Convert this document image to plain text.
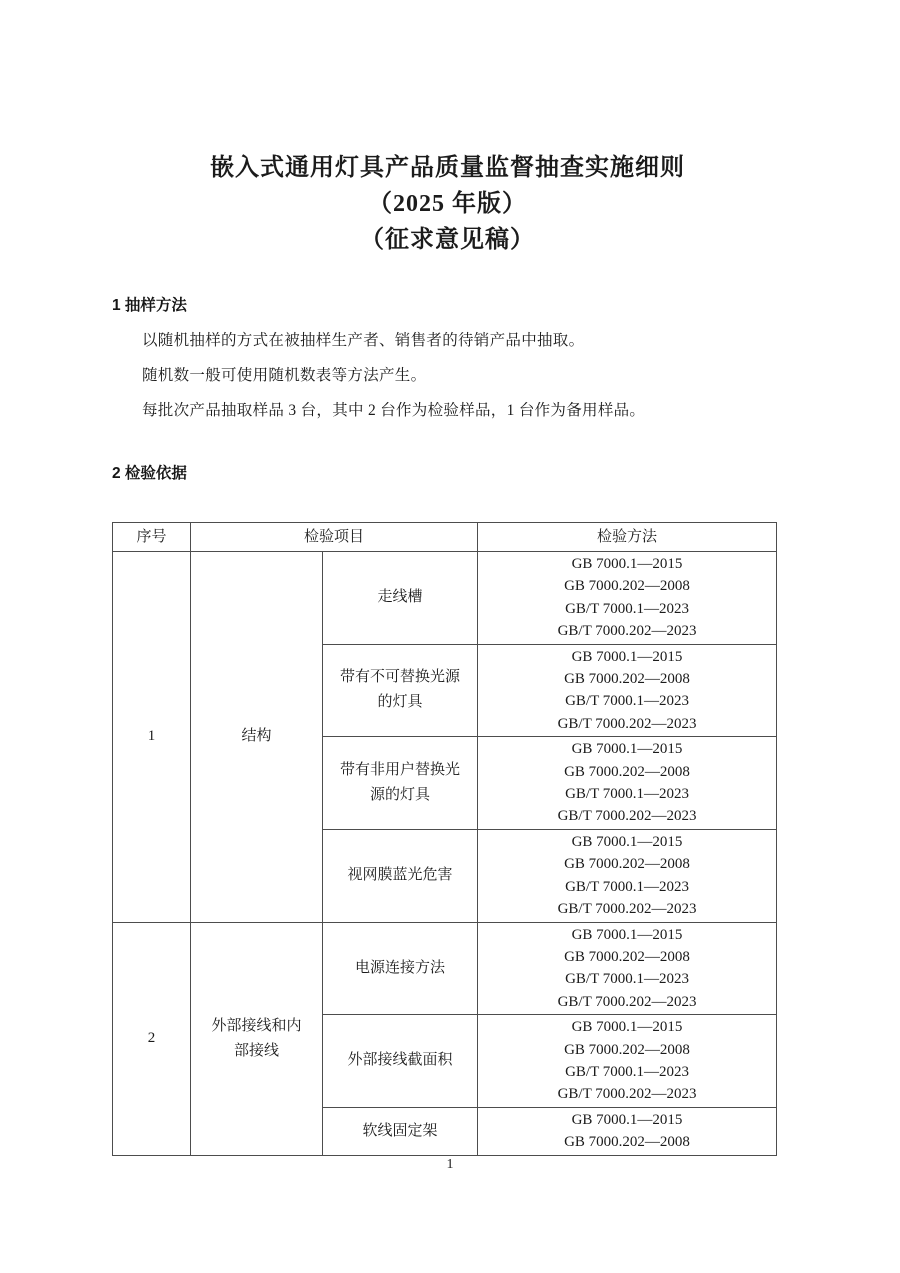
嵌入式通用灯具产品质量监督抽查实施细则
（2025 年版）
（征求意见稿）
1 抽样方法
以随机抽样的方式在被抽样生产者、销售者的待销产品中抽取。
随机数一般可使用随机数表等方法产生。
每批次产品抽取样品 3 台，其中 2 台作为检验样品，1 台作为备用样品。
2 检验依据
序号	检验项目		检验方法
1	结构	走线槽	GB 7000.1—2015
GB 7000.202—2008
GB/T 7000.1—2023
GB/T 7000.202—2023

		带有不可替换光源的灯具	GB 7000.1—2015
GB 7000.202—2008
GB/T 7000.1—2023
GB/T 7000.202—2023

		带有非用户替换光源的灯具	GB 7000.1—2015
GB 7000.202—2008
GB/T 7000.1—2023
GB/T 7000.202—2023

		视网膜蓝光危害	GB 7000.1—2015
GB 7000.202—2008
GB/T 7000.1—2023
GB/T 7000.202—2023

2	外部接线和内部接线	电源连接方法	GB 7000.1—2015
GB 7000.202—2008
GB/T 7000.1—2023
GB/T 7000.202—2023

		外部接线截面积	GB 7000.1—2015
GB 7000.202—2008
GB/T 7000.1—2023
GB/T 7000.202—2023

		软线固定架	GB 7000.1—2015
GB 7000.202—2008
1
